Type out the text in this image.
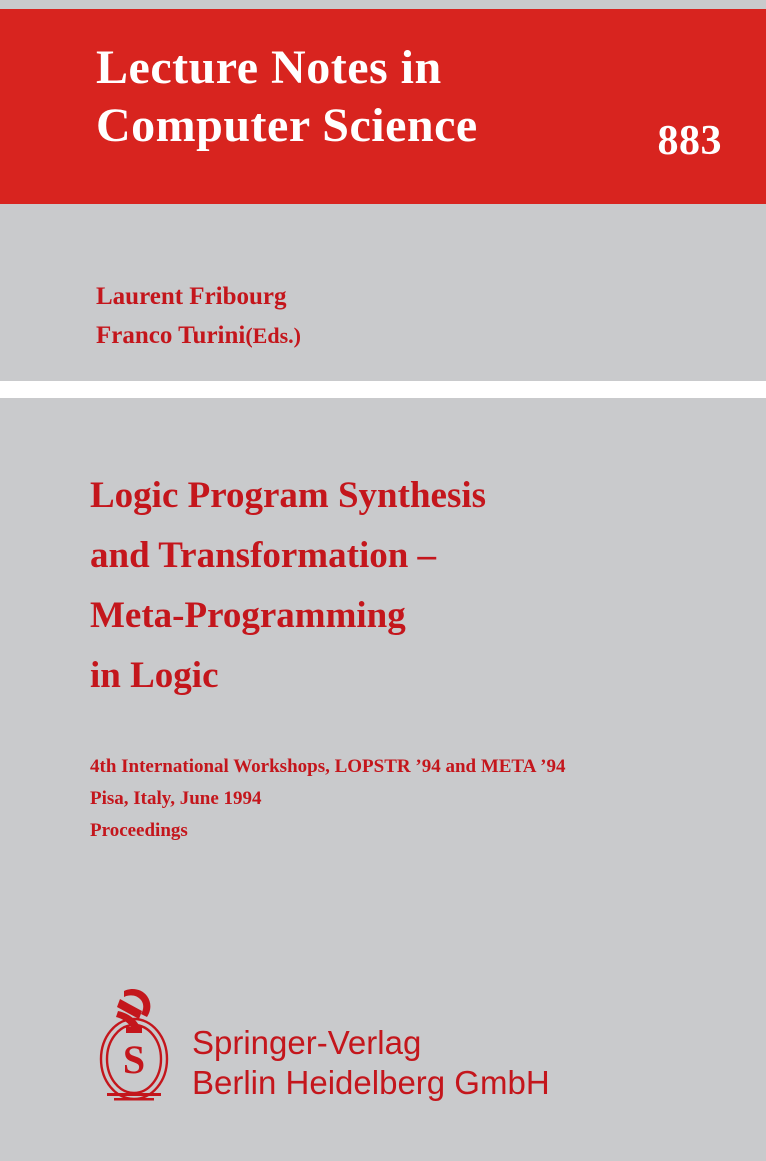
Lecture Notes in
Computer Science	883
Laurent Fribourg
Franco Turini(Eds.)
Logic Program Synthesis
and Transformation –
Meta-Programming
in Logic
4th International Workshops, LOPSTR ’94 and META ’94
Pisa, Italy, June 1994
Proceedings
S Springer-Verlag
Berlin Heidelberg GmbH
